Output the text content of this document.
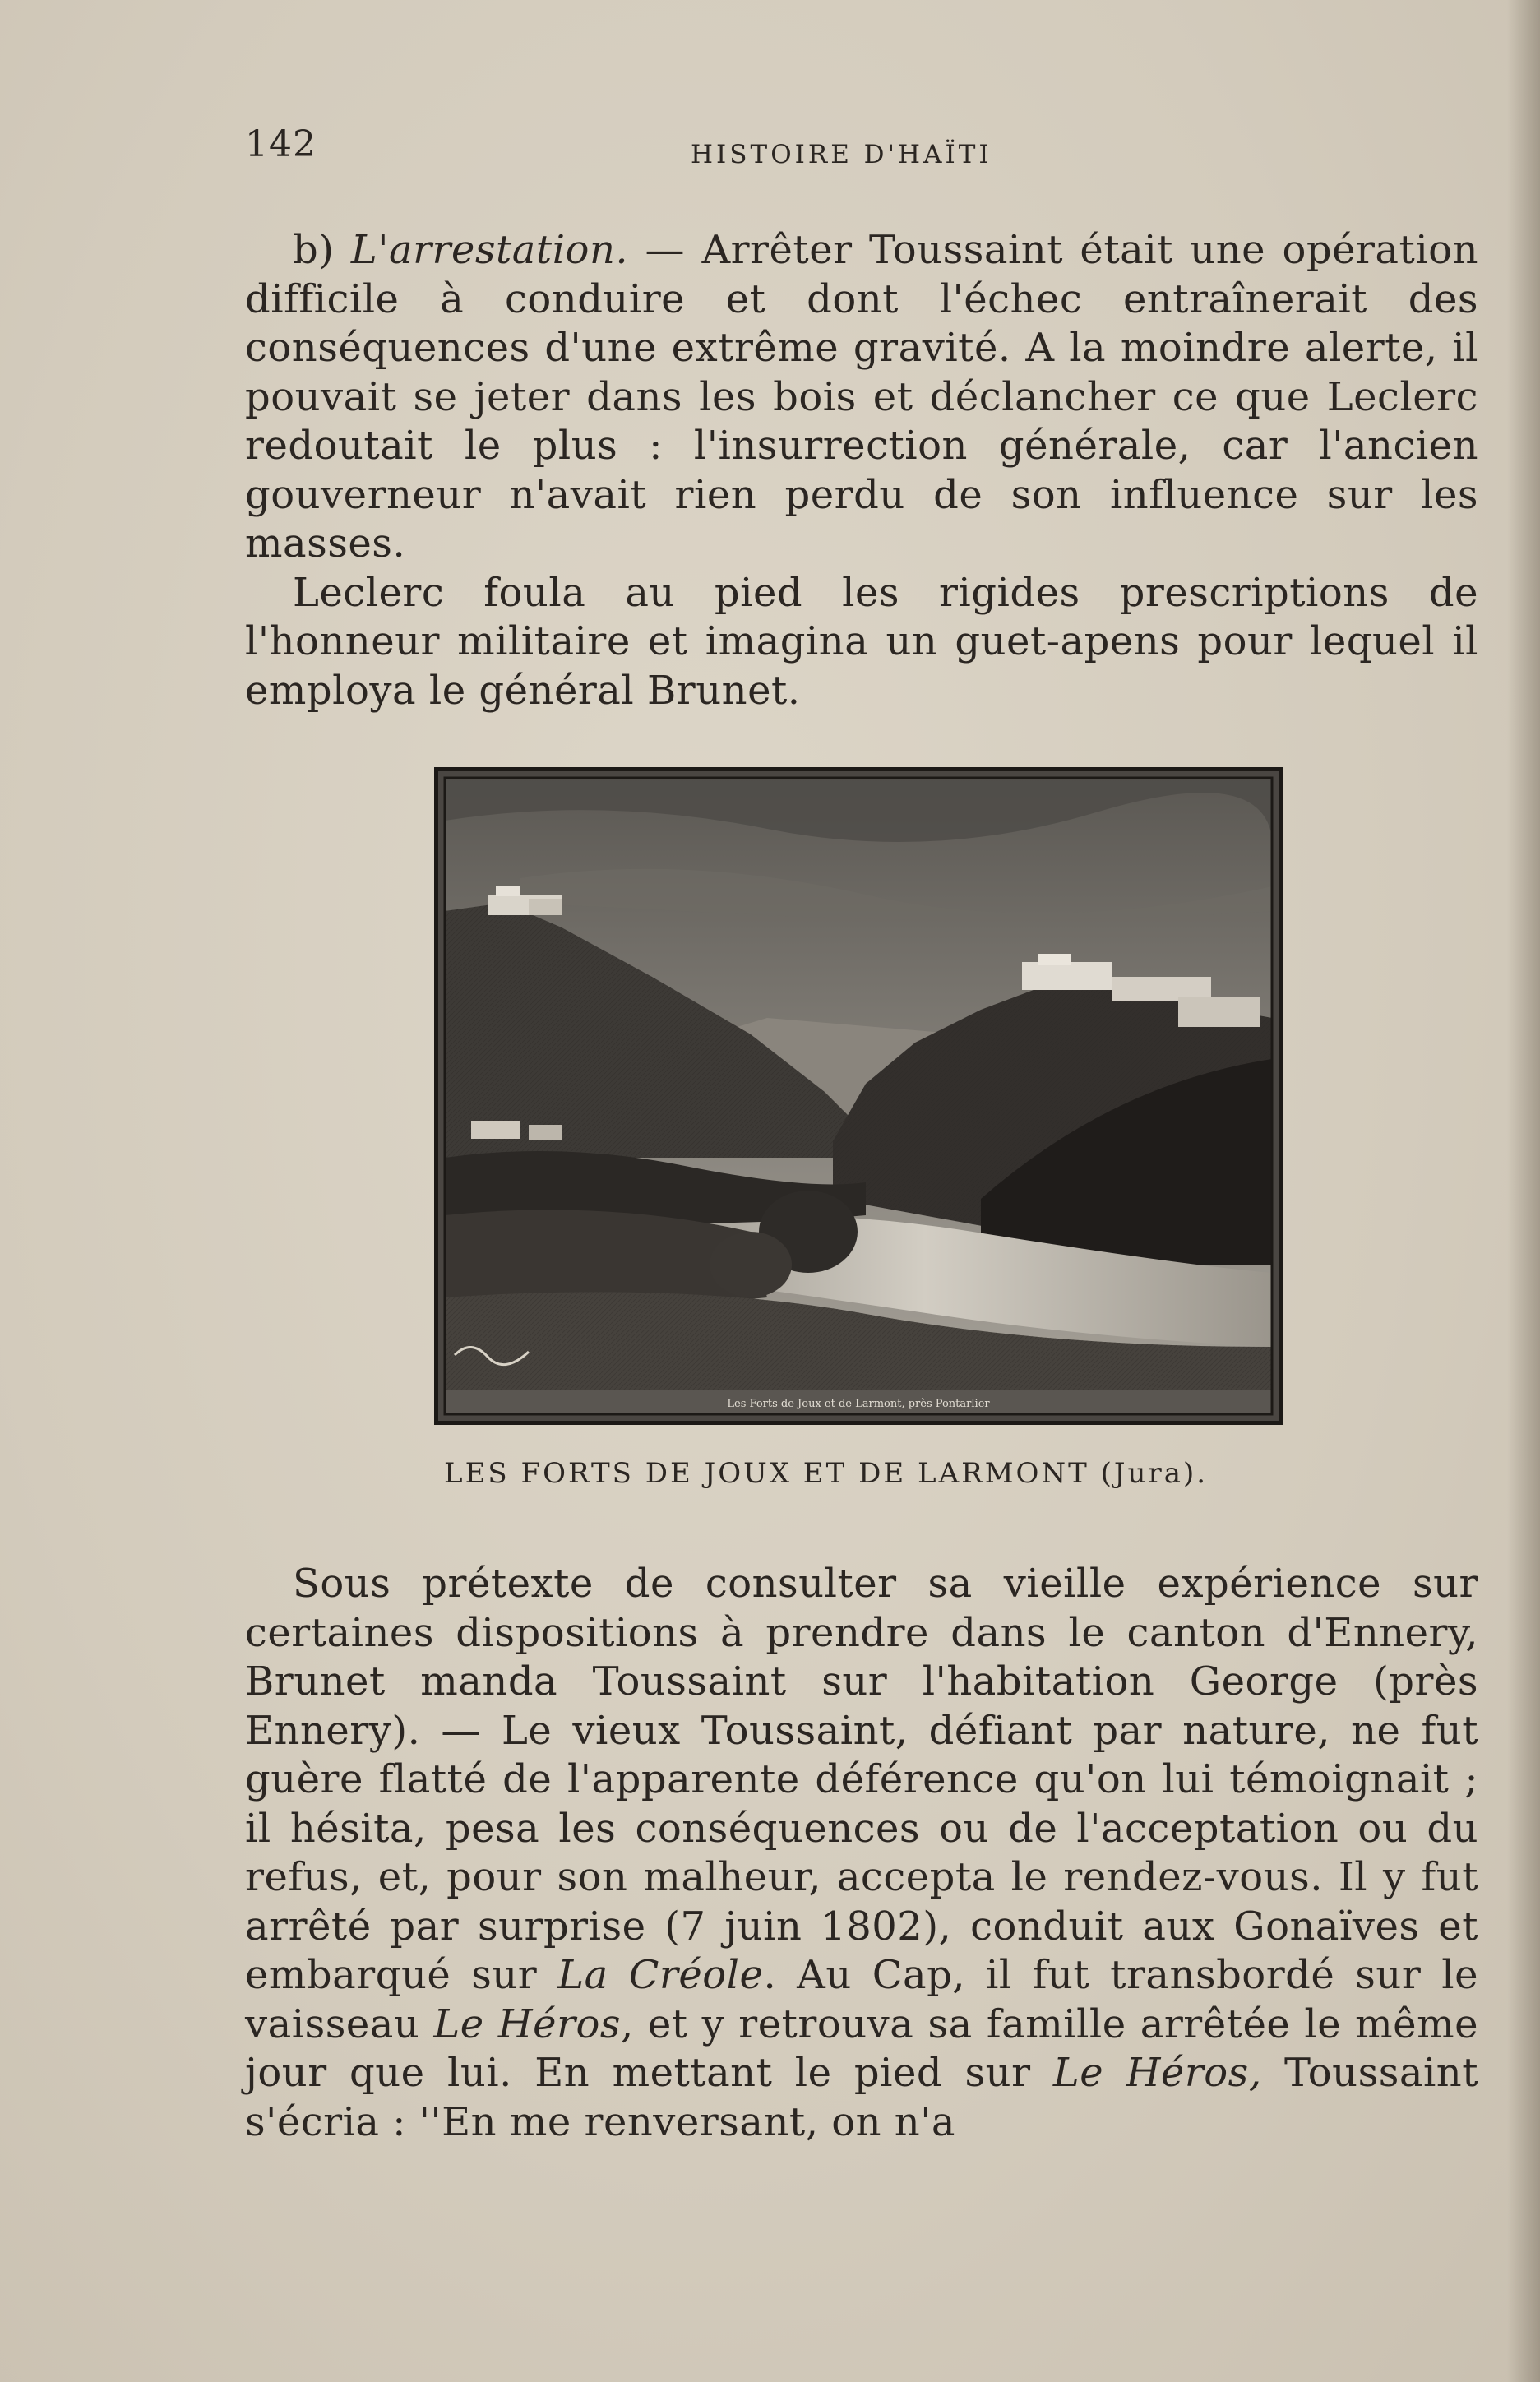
142	HISTOIRE D'HAÏTI

b) L'arrestation. — Arrêter Toussaint était une opération difficile à conduire et dont l'échec entraînerait des conséquences d'une extrême gravité. A la moindre alerte, il pouvait se jeter dans les bois et déclancher ce que Leclerc redoutait le plus : l'insurrection générale, car l'ancien gouverneur n'avait rien perdu de son influence sur les masses.

Leclerc foula au pied les rigides prescriptions de l'honneur militaire et imagina un guet-apens pour lequel il employa le général Brunet.

Les Forts de Joux et de Larmont, près Pontarlier
LES FORTS DE JOUX ET DE LARMONT (Jura).

Sous prétexte de consulter sa vieille expérience sur certaines dispositions à prendre dans le canton d'Ennery, Brunet manda Toussaint sur l'habitation George (près Ennery). — Le vieux Toussaint, défiant par nature, ne fut guère flatté de l'apparente déférence qu'on lui témoignait ; il hésita, pesa les conséquences ou de l'acceptation ou du refus, et, pour son malheur, accepta le rendez-vous. Il y fut arrêté par surprise (7 juin 1802), conduit aux Gonaïves et embarqué sur La Créole. Au Cap, il fut transbordé sur le vaisseau Le Héros, et y retrouva sa famille arrêtée le même jour que lui. En mettant le pied sur Le Héros, Toussaint s'écria : ''En me renversant, on n'a
